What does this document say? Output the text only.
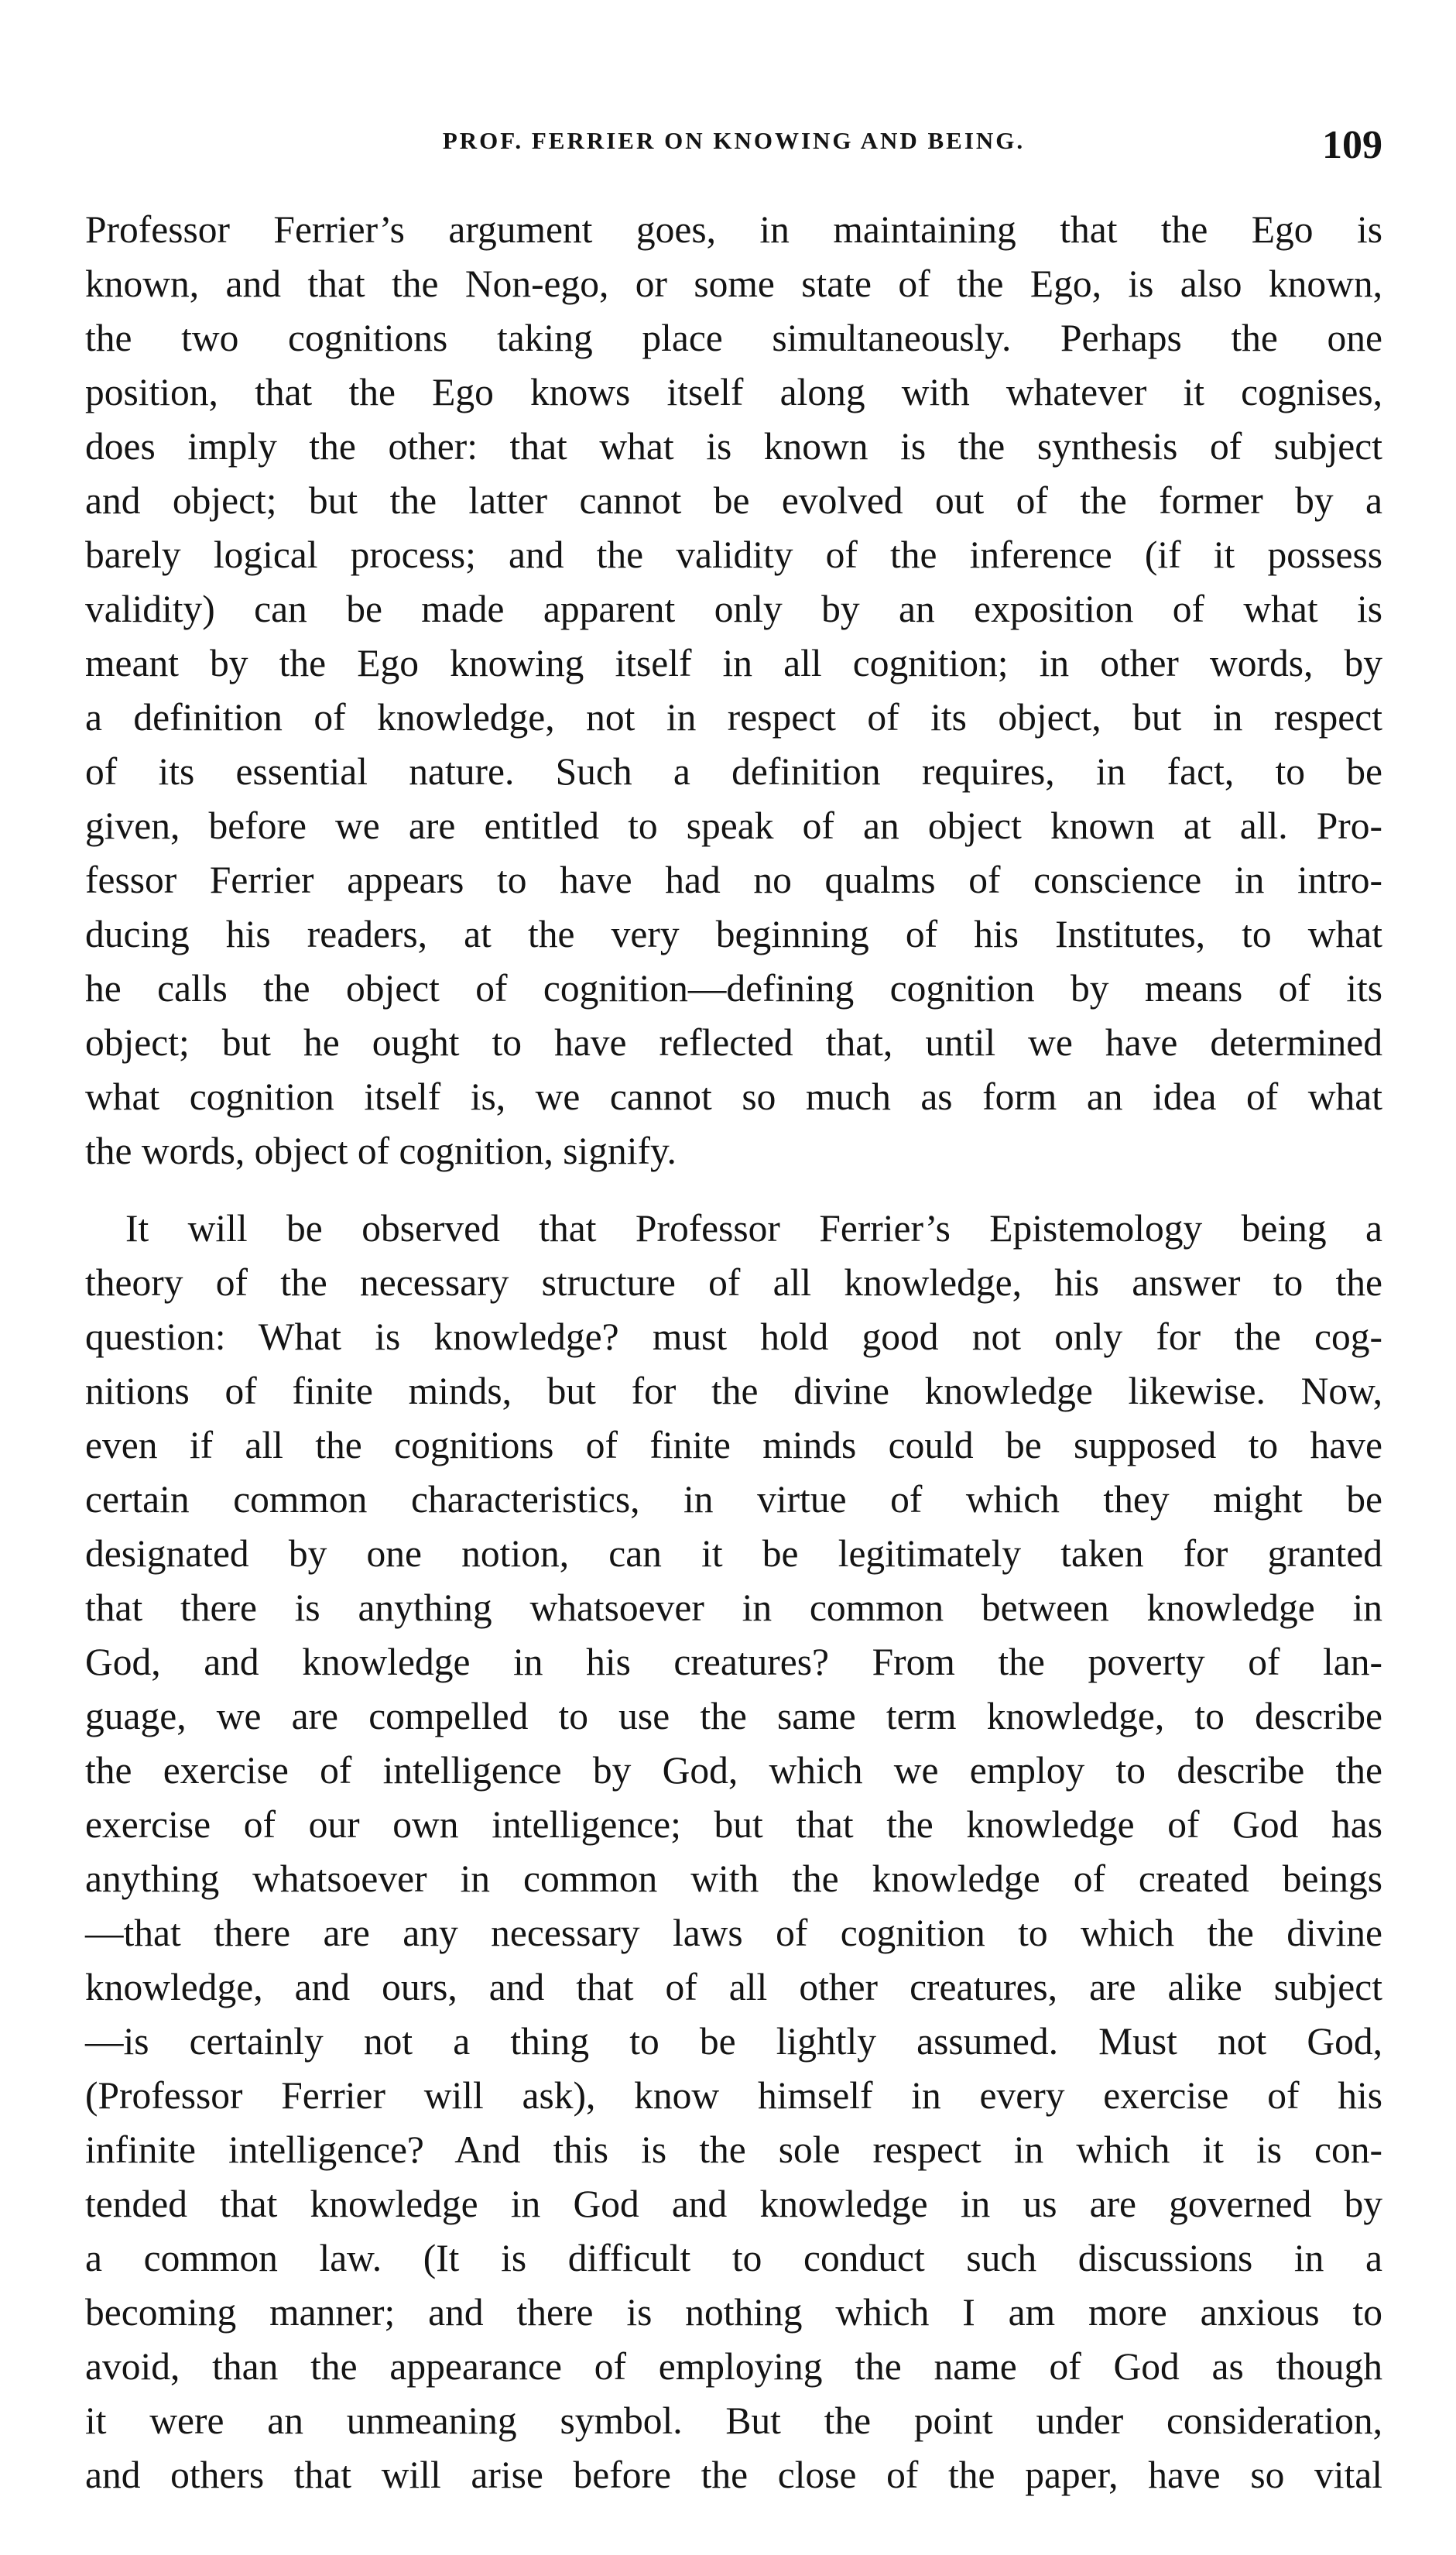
PROF. FERRIER ON KNOWING AND BEING.	109
Professor Ferrier’s argument goes, in maintaining that the Ego is
known, and that the Non-ego, or some state of the Ego, is also known,
the two cognitions taking place simultaneously. Perhaps the one
position, that the Ego knows itself along with whatever it cognises,
does imply the other: that what is known is the synthesis of subject
and object; but the latter cannot be evolved out of the former by a
barely logical process; and the validity of the inference (if it possess
validity) can be made apparent only by an exposition of what is
meant by the Ego knowing itself in all cognition; in other words, by
a definition of knowledge, not in respect of its object, but in respect
of its essential nature. Such a definition requires, in fact, to be
given, before we are entitled to speak of an object known at all. Pro-
fessor Ferrier appears to have had no qualms of conscience in intro-
ducing his readers, at the very beginning of his Institutes, to what
he calls the object of cognition—defining cognition by means of its
object; but he ought to have reflected that, until we have determined
what cognition itself is, we cannot so much as form an idea of what
the words, object of cognition, signify.
It will be observed that Professor Ferrier’s Epistemology being a
theory of the necessary structure of all knowledge, his answer to the
question: What is knowledge? must hold good not only for the cog-
nitions of finite minds, but for the divine knowledge likewise. Now,
even if all the cognitions of finite minds could be supposed to have
certain common characteristics, in virtue of which they might be
designated by one notion, can it be legitimately taken for granted
that there is anything whatsoever in common between knowledge in
God, and knowledge in his creatures? From the poverty of lan-
guage, we are compelled to use the same term knowledge, to describe
the exercise of intelligence by God, which we employ to describe the
exercise of our own intelligence; but that the knowledge of God has
anything whatsoever in common with the knowledge of created beings
—that there are any necessary laws of cognition to which the divine
knowledge, and ours, and that of all other creatures, are alike subject
—is certainly not a thing to be lightly assumed. Must not God,
(Professor Ferrier will ask), know himself in every exercise of his
infinite intelligence? And this is the sole respect in which it is con-
tended that knowledge in God and knowledge in us are governed by
a common law. (It is difficult to conduct such discussions in a
becoming manner; and there is nothing which I am more anxious to
avoid, than the appearance of employing the name of God as though
it were an unmeaning symbol. But the point under consideration,
and others that will arise before the close of the paper, have so vital
